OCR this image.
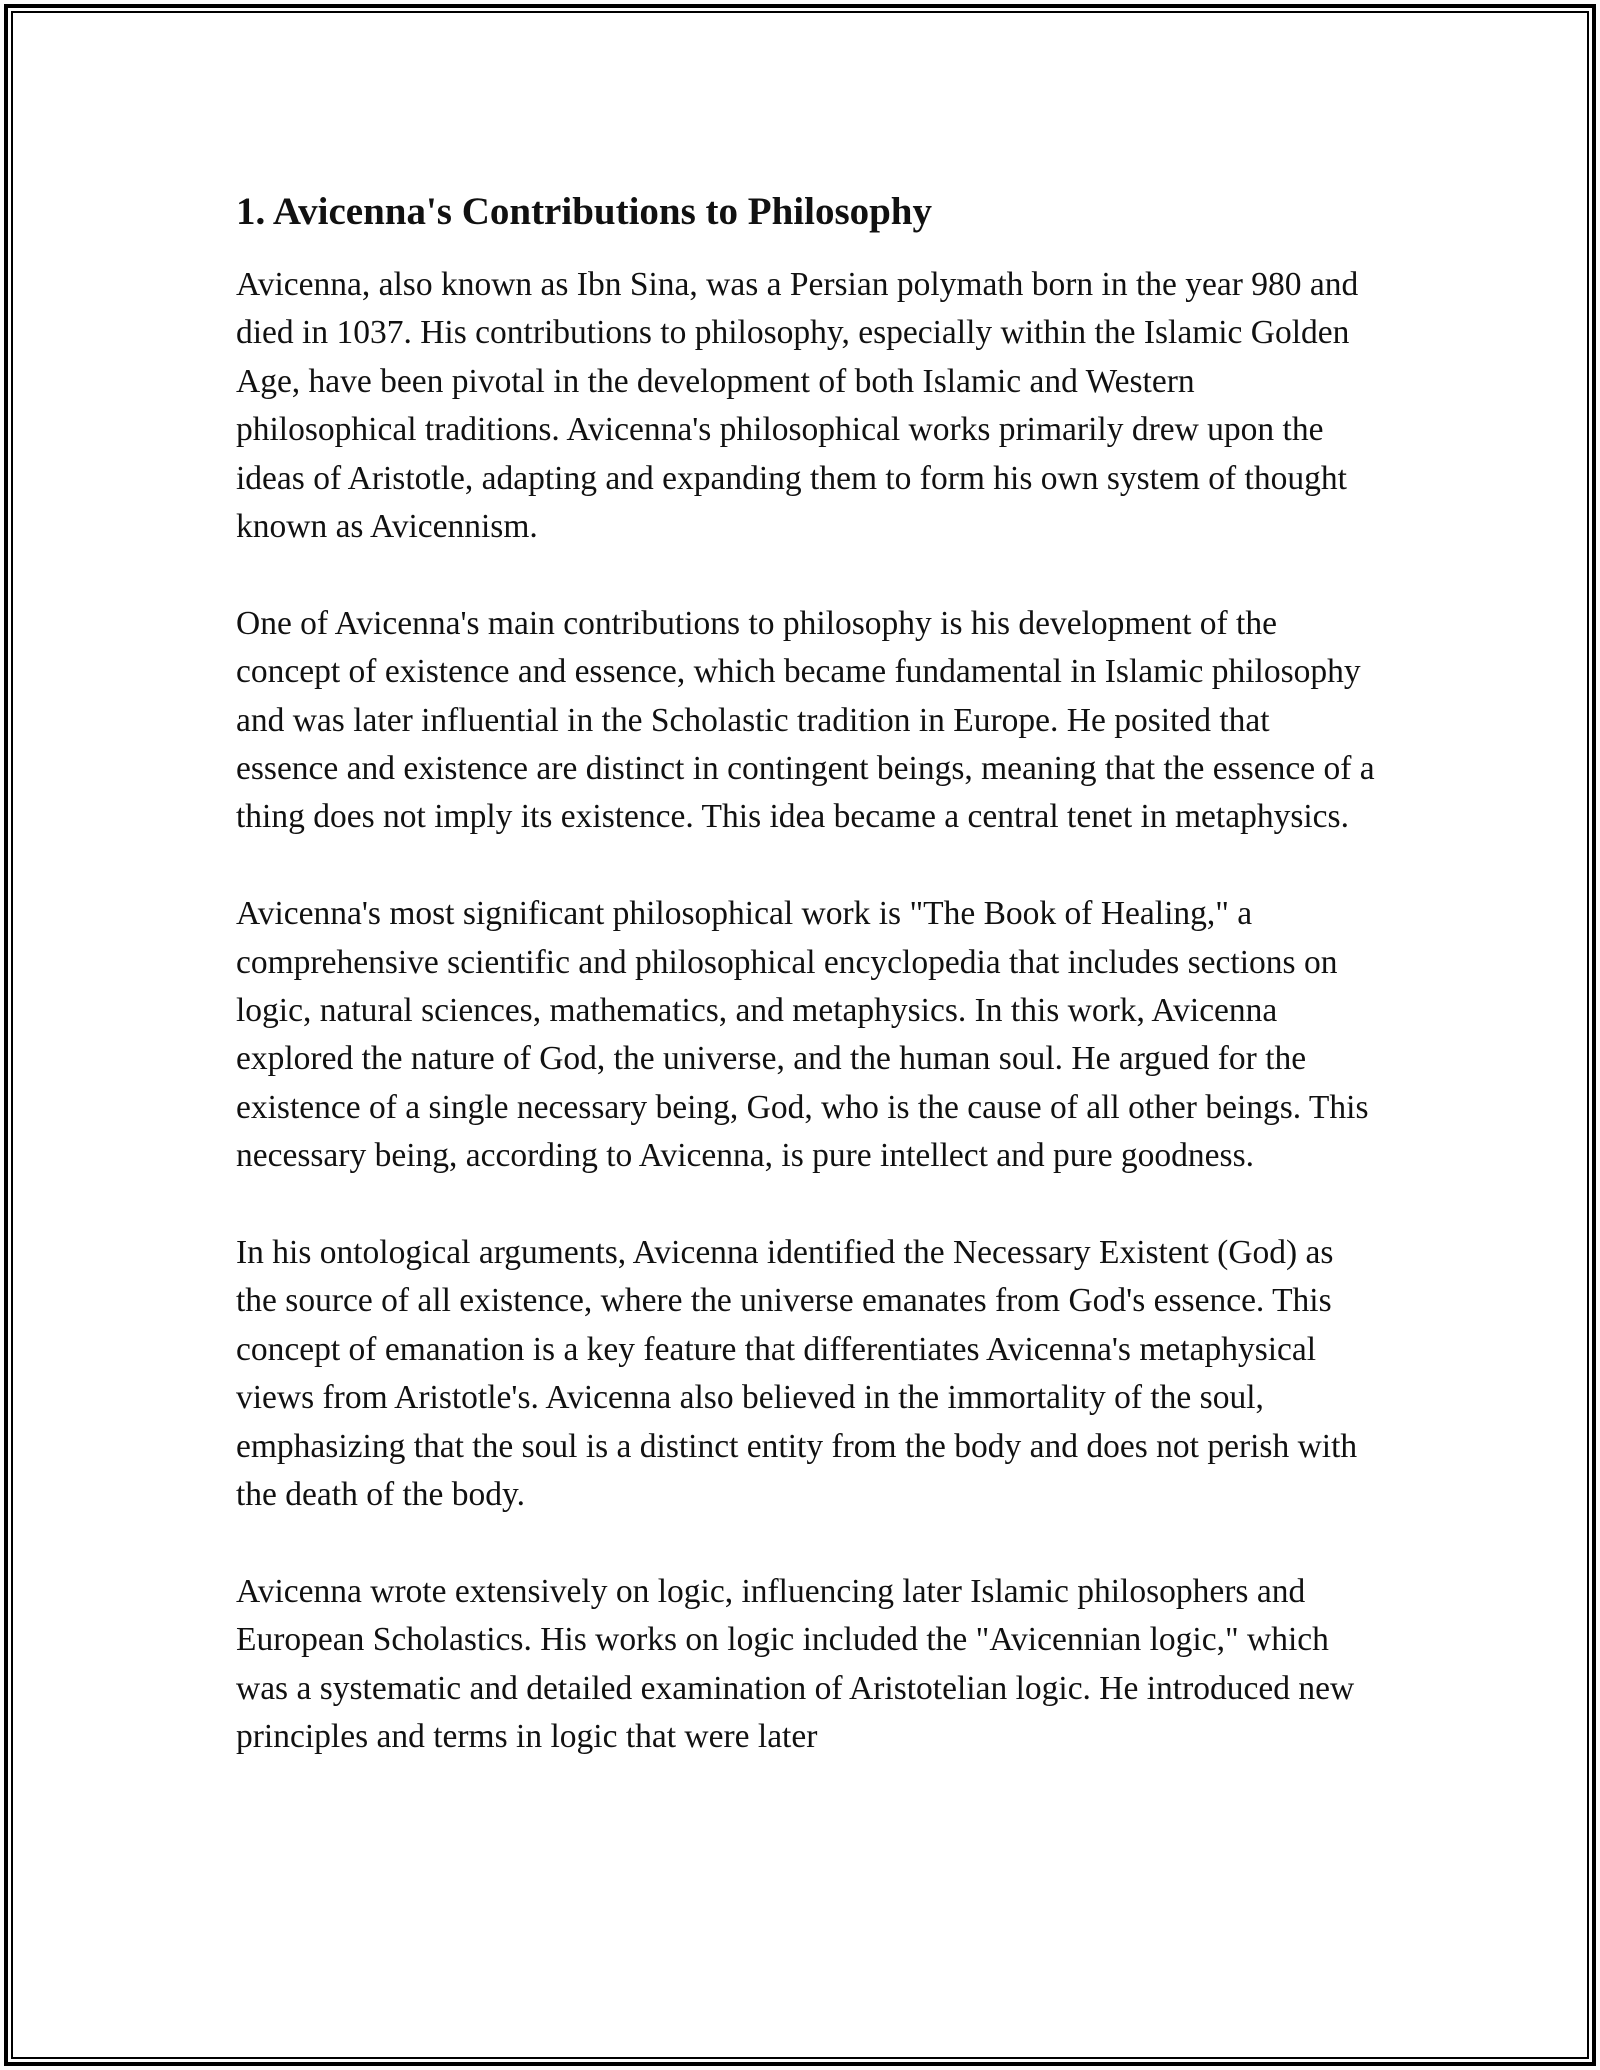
1. Avicenna's Contributions to Philosophy

Avicenna, also known as Ibn Sina, was a Persian polymath born in the year 980 and died in 1037. His contributions to philosophy, especially within the Islamic Golden Age, have been pivotal in the development of both Islamic and Western philosophical traditions. Avicenna's philosophical works primarily drew upon the ideas of Aristotle, adapting and expanding them to form his own system of thought known as Avicennism.

One of Avicenna's main contributions to philosophy is his development of the concept of existence and essence, which became fundamental in Islamic philosophy and was later influential in the Scholastic tradition in Europe. He posited that essence and existence are distinct in contingent beings, meaning that the essence of a thing does not imply its existence. This idea became a central tenet in metaphysics.

Avicenna's most significant philosophical work is "The Book of Healing," a comprehensive scientific and philosophical encyclopedia that includes sections on logic, natural sciences, mathematics, and metaphysics. In this work, Avicenna explored the nature of God, the universe, and the human soul. He argued for the existence of a single necessary being, God, who is the cause of all other beings. This necessary being, according to Avicenna, is pure intellect and pure goodness.

In his ontological arguments, Avicenna identified the Necessary Existent (God) as the source of all existence, where the universe emanates from God's essence. This concept of emanation is a key feature that differentiates Avicenna's metaphysical views from Aristotle's. Avicenna also believed in the immortality of the soul, emphasizing that the soul is a distinct entity from the body and does not perish with the death of the body.

Avicenna wrote extensively on logic, influencing later Islamic philosophers and European Scholastics. His works on logic included the "Avicennian logic," which was a systematic and detailed examination of Aristotelian logic. He introduced new principles and terms in logic that were later
